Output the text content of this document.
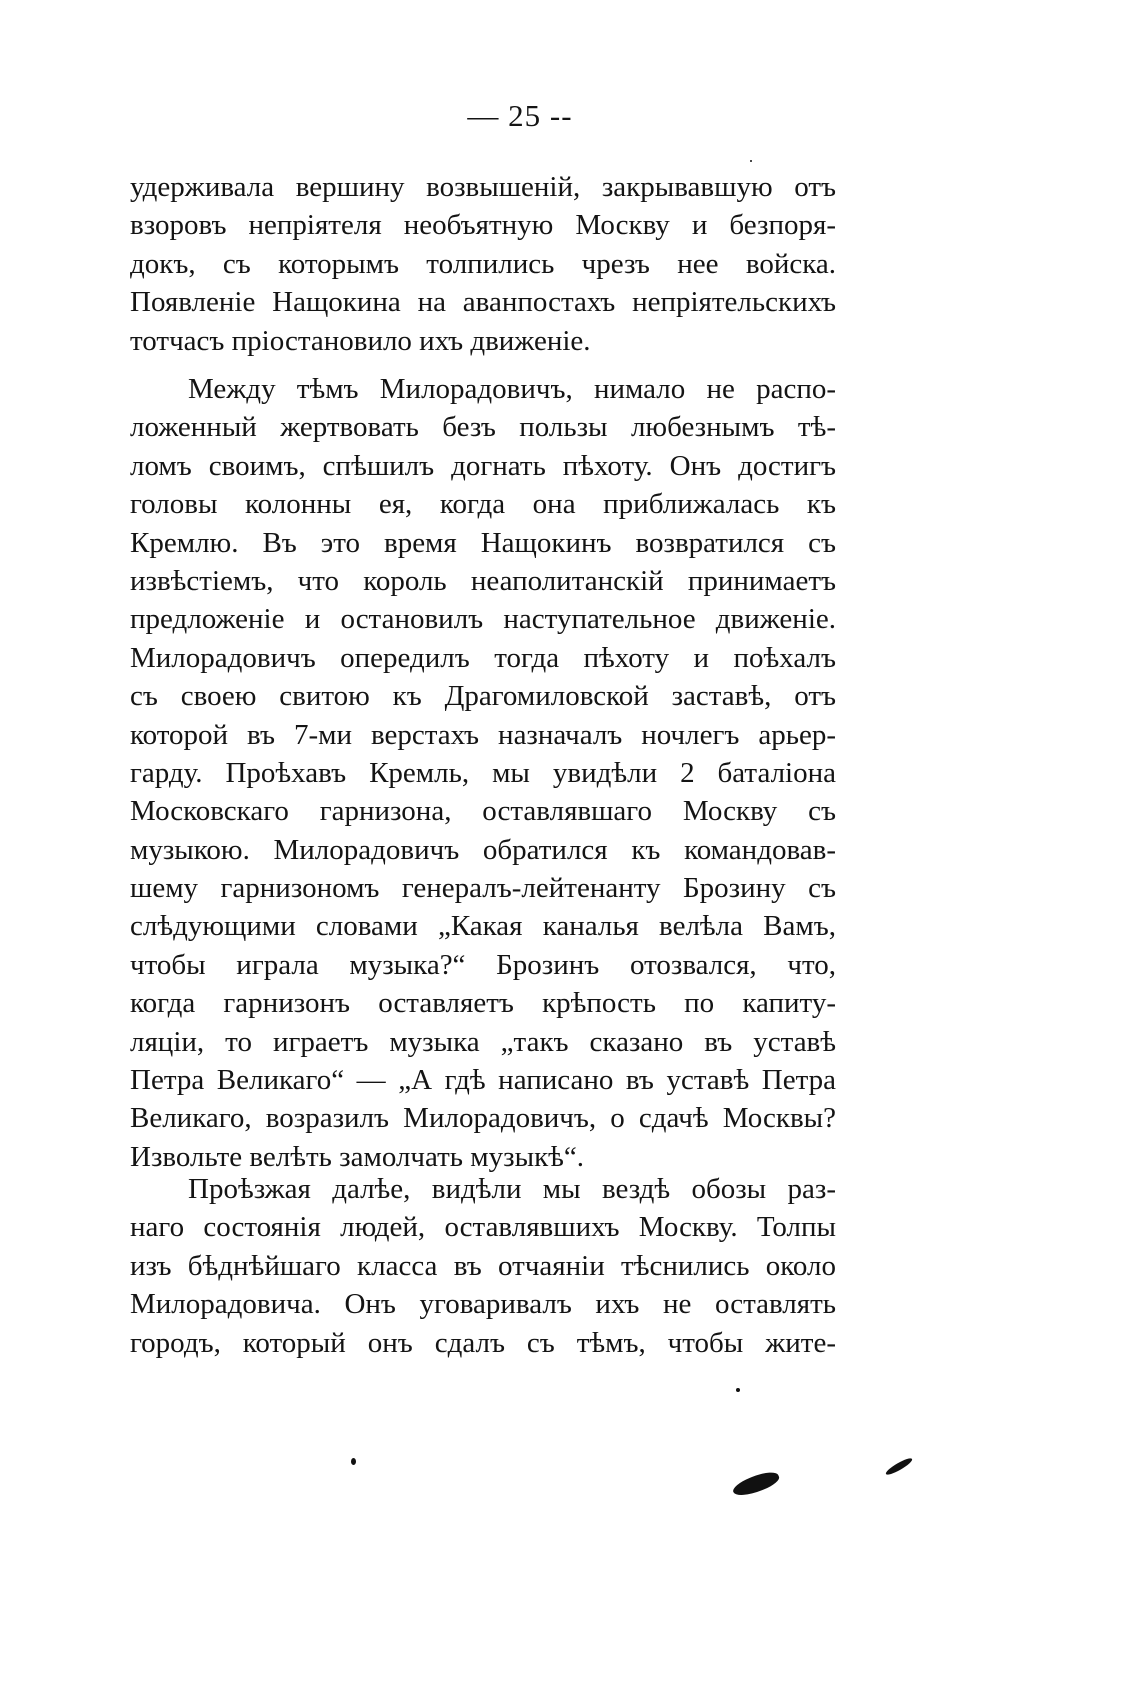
— 25 --
удерживала вершину возвышеній, закрывавшую отъ
взоровъ непріятеля необъятную Москву и безпоря-
докъ, съ которымъ толпились чрезъ нее войска.
Появленіе Нащокина на аванпостахъ непріятельскихъ
тотчасъ пріостановило ихъ движеніе.
Между тѣмъ Милорадовичъ, нимало не распо-
ложенный жертвовать безъ пользы любезнымъ тѣ-
ломъ своимъ, спѣшилъ догнать пѣхоту. Онъ достигъ
головы колонны ея, когда она приближалась къ
Кремлю. Въ это время Нащокинъ возвратился съ
извѣстіемъ, что король неаполитанскій принимаетъ
предложеніе и остановилъ наступательное движеніе.
Милорадовичъ опередилъ тогда пѣхоту и поѣхалъ
съ своею свитою къ Драгомиловской заставѣ, отъ
которой въ 7-ми верстахъ назначалъ ночлегъ арьер-
гарду. Проѣхавъ Кремль, мы увидѣли 2 баталіона
Московскаго гарнизона, оставлявшаго Москву съ
музыкою. Милорадовичъ обратился къ командовав-
шему гарнизономъ генералъ-лейтенанту Брозину съ
слѣдующими словами „Какая каналья велѣла Вамъ,
чтобы играла музыка?“ Брозинъ отозвался, что,
когда гарнизонъ оставляетъ крѣпость по капиту-
ляціи, то играетъ музыка „такъ сказано въ уставѣ
Петра Великаго“ — „А гдѣ написано въ уставѣ Петра
Великаго, возразилъ Милорадовичъ, о сдачѣ Москвы?
Извольте велѣть замолчать музыкѣ“.
Проѣзжая далѣе, видѣли мы вездѣ обозы раз-
наго состоянія людей, оставлявшихъ Москву. Толпы
изъ бѣднѣйшаго класса въ отчаяніи тѣснились около
Милорадовича. Онъ уговаривалъ ихъ не оставлять
городъ, который онъ сдалъ съ тѣмъ, чтобы жите-
